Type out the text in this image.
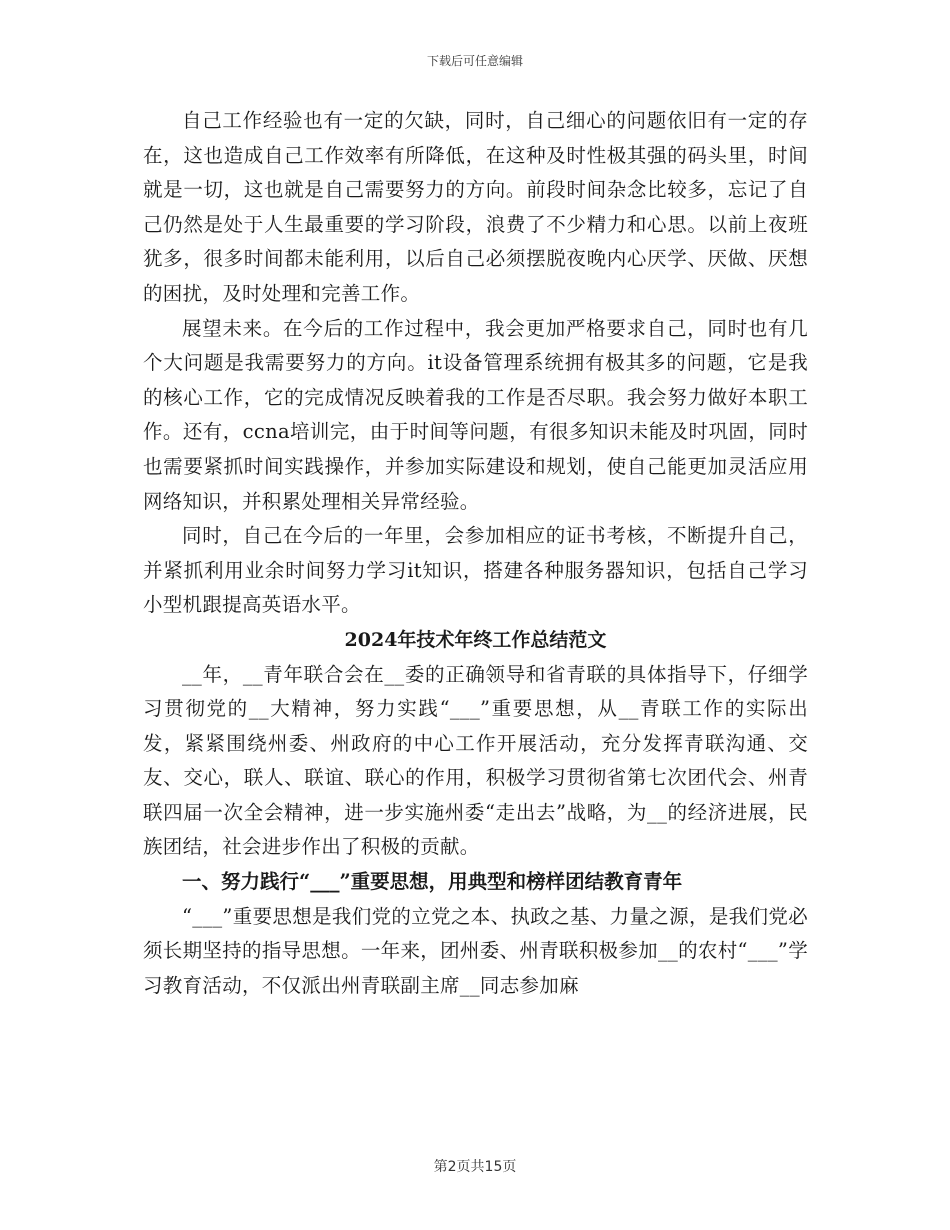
下载后可任意编辑

自己工作经验也有一定的欠缺，同时，自己细心的问题依旧有一定的存在，这也造成自己工作效率有所降低，在这种及时性极其强的码头里，时间就是一切，这也就是自己需要努力的方向。前段时间杂念比较多，忘记了自己仍然是处于人生最重要的学习阶段，浪费了不少精力和心思。以前上夜班犹多，很多时间都未能利用，以后自己必须摆脱夜晚内心厌学、厌做、厌想的困扰，及时处理和完善工作。

展望未来。在今后的工作过程中，我会更加严格要求自己，同时也有几个大问题是我需要努力的方向。it设备管理系统拥有极其多的问题，它是我的核心工作，它的完成情况反映着我的工作是否尽职。我会努力做好本职工作。还有，ccna培训完，由于时间等问题，有很多知识未能及时巩固，同时也需要紧抓时间实践操作，并参加实际建设和规划，使自己能更加灵活应用网络知识，并积累处理相关异常经验。

同时，自己在今后的一年里，会参加相应的证书考核，不断提升自己，并紧抓利用业余时间努力学习it知识，搭建各种服务器知识，包括自己学习小型机跟提高英语水平。

2024年技术年终工作总结范文

__年，__青年联合会在__委的正确领导和省青联的具体指导下，仔细学习贯彻党的__大精神，努力实践“___”重要思想，从__青联工作的实际出发，紧紧围绕州委、州政府的中心工作开展活动，充分发挥青联沟通、交友、交心，联人、联谊、联心的作用，积极学习贯彻省第七次团代会、州青联四届一次全会精神，进一步实施州委“走出去”战略，为__的经济进展，民族团结，社会进步作出了积极的贡献。

一、努力践行“___”重要思想，用典型和榜样团结教育青年

“___”重要思想是我们党的立党之本、执政之基、力量之源，是我们党必须长期坚持的指导思想。一年来，团州委、州青联积极参加__的农村“___”学习教育活动，不仅派出州青联副主席__同志参加麻

第2页共15页
